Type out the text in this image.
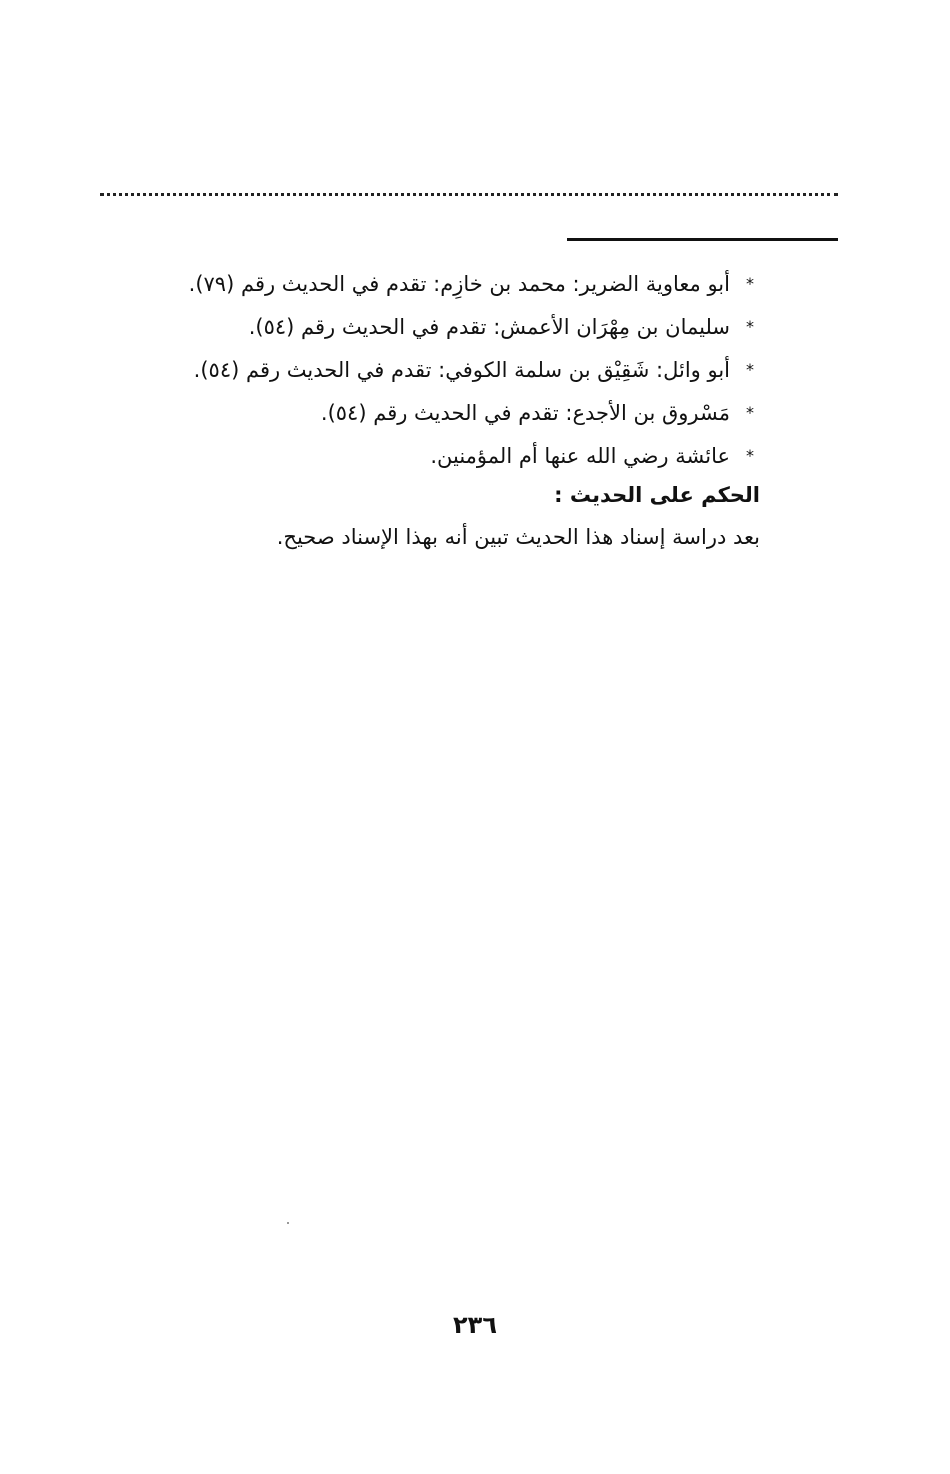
*
أبو معاوية الضرير: محمد بن خازِم: تقدم في الحديث رقم (٧٩).
*
سليمان بن مِهْرَان الأعمش: تقدم في الحديث رقم (٥٤).
*
أبو وائل: شَقِيْق بن سلمة الكوفي: تقدم في الحديث رقم (٥٤).
*
مَسْروق بن الأجدع: تقدم في الحديث رقم (٥٤).
*
عائشة رضي الله عنها أم المؤمنين.
الحكم على الحديث :

بعد دراسة إسناد هذا الحديث تبين أنه بهذا الإسناد صحيح.

٢٣٦
